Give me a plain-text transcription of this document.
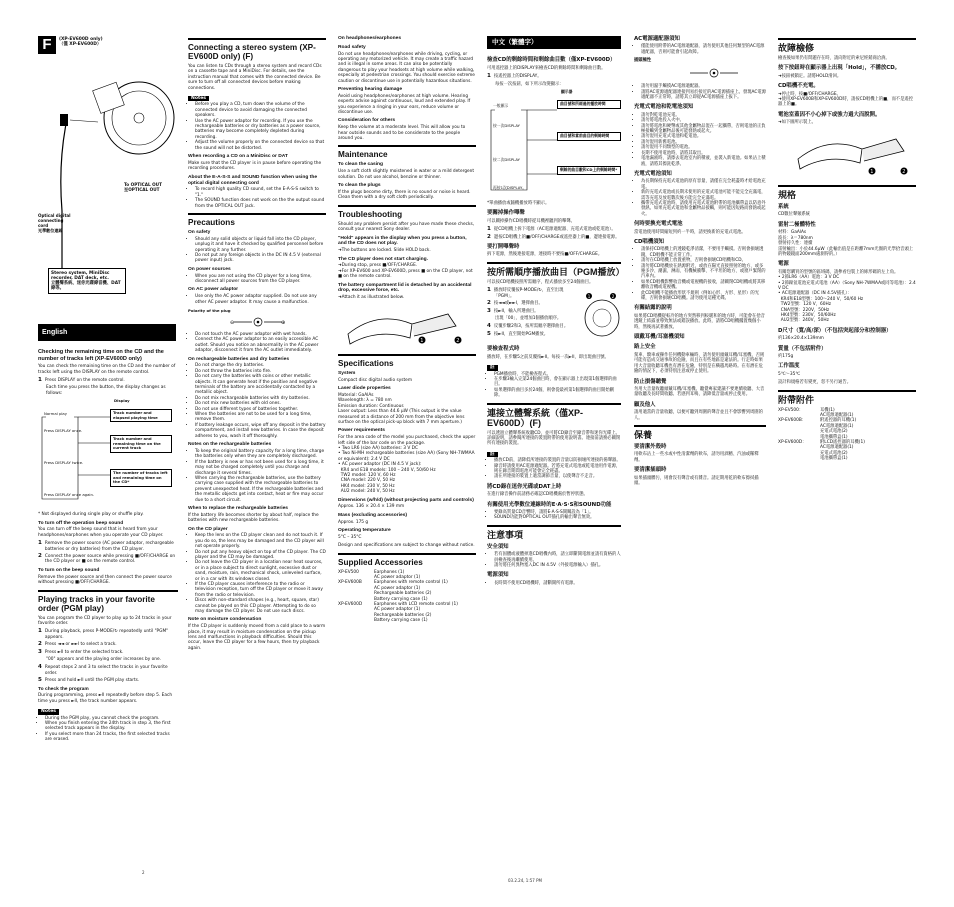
F	(XP-EV600D only)
（僅 XP-EV600D）
To OPTICAL OUT
至OPTICAL OUT
Optical digital connecting cord
光學數位連線
Stereo system, MiniDisc recorder, DAT deck, etc.
立體聲系統、迷你光碟錄音機、DAT錄等。
English
Checking the remaining time on the CD and the number of tracks left (XP-EV600D only)

You can check the remaining time on the CD and the number of tracks left using the DISPLAY on the remote control.

1 Press DISPLAY on the remote control.

Each time you press the button, the display changes as follows:

Display
Normal play	Track number and elapsed playing time
Press DISPLAY once.
Track number and remaining time on the current track
Press DISPLAY twice.
The number of tracks left and remaining time on the CD*
Press DISPLAY once again.

* Not displayed during single play or shuffle play.

To turn off the operation beep sound

You can turn off the beep sound that is heard from your headphones/earphones when you operate your CD player.

1 Remove the power source (AC power adaptor, rechargeable batteries or dry batteries) from the CD player.
2 Connect the power source while pressing ■/OFF/CHARGE on the CD player or ■ on the remote control.
To turn on the beep sound

Remove the power source and then connect the power source without pressing ■/OFF/CHARGE.

Playing tracks in your favorite order (PGM play)

You can program the CD player to play up to 24 tracks in your favorite order.

1 During playback, press P-MODE/↻ repeatedly until "PGM" appears.
2 Press ◄◄ or ►►I to select a track.
3 Press ►II to enter the selected track.

"00" appears and the playing order increases by one.

4 Repeat steps 2 and 3 to select the tracks in your favorite order.
5 Press and hold ►II until the PGM play starts.
To check the program

During programming, press ►II repeatedly before step 5. Each time you press ►II, the track number appears.

Notes
• During the PGM play, you cannot check the program.
• When you finish entering the 24th track in step 3, the first selected track appears in the display.
• If you select more than 24 tracks, the first selected tracks are erased.
Connecting a stereo system (XP-EV600D only) (F)

You can listen to CDs through a stereo system and record CDs on a cassette tape and a MiniDisc. For details, see the instruction manual that comes with the connected device. Be sure to turn off all connected devices before making connections.

Notes
• Before you play a CD, turn down the volume of the connected device to avoid damaging the connected speakers.
• Use the AC power adaptor for recording. If you use the rechargeable batteries or dry batteries as a power source, batteries may become completely depleted during recording.
• Adjust the volume properly on the connected device so that the sound will not be distorted.
When recording a CD on a MiniDisc or DAT

Make sure that the CD player is in pause before operating the recording procedures.

About the E-A-S-S and SOUND function when using the optical digital connecting cord
• To record high quality CD sound, set the E-A-S-S switch to "1."
• The SOUND function does not work on the the output sound from the OPTICAL OUT jack.
Precautions
On safety
• Should any solid objects or liquid fall into the CD player, unplug it and have it checked by qualified personnel before operating it any further.
• Do not put any foreign objects in the DC IN 4.5 V (external power input) jack.
On power sources
• When you are not using the CD player for a long time, disconnect all power sources from the CD player.
On AC power adaptor
• Use only the AC power adaptor supplied. Do not use any other AC power adaptor. It may cause a malfunction.
Polarity of the plug
⊖	⊕
• Do not touch the AC power adaptor with wet hands.
• Connect the AC power adaptor to an easily accessible AC outlet. Should you notice an abnormality in the AC power adaptor, disconnect it from the AC outlet immediately.
On rechargeable batteries and dry batteries
• Do not charge the dry batteries.
• Do not throw the batteries into fire.
• Do not carry the batteries with coins or other metallic objects. It can generate heat if the positive and negative terminals of the battery are accidentally contacted by a metallic object.
• Do not mix rechargeable batteries with dry batteries.
• Do not mix new batteries with old ones.
• Do not use different types of batteries together.
• When the batteries are not to be used for a long time, remove them.
• If battery leakage occurs, wipe off any deposit in the battery compartment, and install new batteries. In case the deposit adheres to you, wash it off thoroughly.
Notes on the rechargeable batteries
• To keep the original battery capacity for a long time, charge the batteries only when they are completely discharged.
• If the battery is new or has not been used for a long time, it may not be charged completely until you charge and discharge it several times.
• When carrying the rechargeable batteries, use the battery carrying case supplied with the rechargeable batteries to prevent unexpected heat. If the rechargeable batteries and the metallic objects get into contact, heat or fire may occur due to a short circuit.
When to replace the rechargeable batteries

If the battery life becomes shorter by about half, replace the batteries with new rechargeable batteries.

On the CD player
• Keep the lens on the CD player clean and do not touch it. If you do so, the lens may be damaged and the CD player will not operate properly.
• Do not put any heavy object on top of the CD player. The CD player and the CD may be damaged.
• Do not leave the CD player in a location near heat sources, or in a place subject to direct sunlight, excessive dust or sand, moisture, rain, mechanical shock, unleveled surface, or in a car with its windows closed.
• If the CD player causes interference to the radio or television reception, turn off the CD player or move it away from the radio or television.
• Discs with non-standard shapes (e.g., heart, square, star) cannot be played on this CD player. Attempting to do so may damage the CD player. Do not use such discs.
Note on moisture condensation

If the CD player is suddenly moved from a cold place to a warm place, it may result in moisture condensation on the pickup lens and malfunctions in playback difficulties. Should this occur, leave the CD player for a few hours, then try playback again.

On headphones/earphones
Road safety

Do not use headphones/earphones while driving, cycling, or operating any motorized vehicle. It may create a traffic hazard and is illegal in some areas. It can also be potentially dangerous to play your headsets at high volume while walking, especially at pedestrian crossings. You should exercise extreme caution or discontinue use in potentially hazardous situations.

Preventing hearing damage

Avoid using headphones/earphones at high volume. Hearing experts advise against continuous, loud and extended play. If you experience a ringing in your ears, reduce volume or discontinue use.

Consideration for others

Keep the volume at a moderate level. This will allow you to hear outside sounds and to be considerate to the people around you.

Maintenance
To clean the casing

Use a soft cloth slightly moistened in water or a mild detergent solution. Do not use alcohol, benzine or thinner.

To clean the plugs

If the plugs become dirty, there is no sound or noise is heard. Clean them with a dry soft cloth periodically.

Troubleshooting

Should any problem persist after you have made these checks, consult your nearest Sony dealer.

"Hold" appears in the display when you press a button, and the CD does not play.

➜The buttons are locked. Slide HOLD back.

The CD player does not start charging.

➜During stop, press ■/OFF/CHARGE.

➜For XP-EV600 and XP-EV600D, press ■ on the CD player, not ■ on the remote control.

The battery compartment lid is detached by an accidental drop, excessive force, etc.

➜Attach it as illustrated below.

1	2
Specifications
System

Compact disc digital audio system

Laser diode properties

Material: GaAlAs
Wavelength: λ = 780 nm
Emission duration: Continuous
Laser output: Less than 44.6 μW (This output is the value measured at a distance of 200 mm from the objective lens surface on the optical pick-up block with 7 mm aperture.)

Power requirements

For the area code of the model you purchased, check the upper left side of the bar code on the package.
• Two LR6 (size AA) batteries: 3 V DC
• Two Ni-MH rechargeable batteries (size AA) (Sony NH-7WMAA or equivalent): 2.4 V DC
• AC power adaptor (DC IN 4.5 V jack):
KR4 and E18 models: 100 – 240 V, 50/60 Hz
TW2 model: 120 V, 60 Hz
CNA model: 220 V, 50 Hz
HK4 model: 230 V, 50 Hz
AU2 model: 240 V, 50 Hz

Dimensions (w/h/d) (without projecting parts and controls)

Approx. 136 × 20.4 × 139 mm

Mass (excluding accessories)

Approx. 175 g

Operating temperature

5°C – 35°C

Design and specifications are subject to change without notice.

Supplied Accessories
XP-EV500	Earphones (1)
AC power adaptor (1)
XP-EV600B	Earphones with remote control (1)
AC power adaptor (1)
Rechargeable batteries (2)
Battery carrying case (1)
XP-EV600D	Earphones with LCD remote control (1)
AC power adaptor (1)
Rechargeable batteries (2)
Battery carrying case (1)
中文（繁體字）
檢查CD的剩餘時間和剩餘曲目數（僅XP-EV600D）

可用遙控器上的DISPLAY來檢查CD的剩餘時間和剩餘曲目數。

1 按遙控器上的DISPLAY。

每按一次按鈕，如下所示改變顯示：

顯示器
一般顯示	曲目號和所經過的播放時間
按一次DISPLAY
曲目號和當前曲目的剩餘時間
按二次DISPLAY
剩餘的曲目數和CD上的剩餘時間*
再按1次DISPLAY。

*單曲播放或隨機播放時不顯示。

要關掉操作嗶聲

可以關掉操作CD唱機時從耳機裡聽到的嗶聲。

1 從CD唱機上拆下電源（AC電源適配器、充電式電池或乾電池）。
2 邊按CD唱機上的■/OFF/CHARGE或遙控器上的■，邊連接電源。
要打開嗶聲時

拆下電源，然後連接電源，連接時不要按■/OFF/CHARGE。

按所需順序播放曲目（PGM播放）

可以按CD唱機按照所需順序，程式播放多至24個曲目。

1 播放時反覆按P-MODE/↻，直至出現「PGM」。
2 按◄◄或►►I，選擇曲目。
3 按►II，輸入所選曲目。

出現「00」，並增加1個播放順序。

4 反覆步驟2和3，按所需順序選擇曲目。
5 按►II，直至開始PGM播放。
1	2
要檢查程式時

播放時，在步驟5之前反覆按►II。每按一次►II，即出現曲目號。

註
• PGM播放時，不能檢查程式。
• 在步驟3輸入完第24個曲目時，會在顯示器上出現第1個選擇的曲目。
• 如果選擇的曲目多於24個，則會從最初第1個選擇的曲目開始刪除。
連接立體聲系統（僅XP-EV600D）(F)

可以透過立體聲系統收聽CD，並可將CD錄音至錄音帶和迷你光碟上。詳細說明，請參閱所連接的裝置附帶的使用說明書。連接前請務必關閉所有連接的裝置。

註
• 播放CD前，請降低所連接的裝置的音量以防損壞所連接的揚聲器。
• 錄音時請使用AC電源適配器。若將充電式電池或乾電池用作電源，則在錄音期間電池可能會完全耗盡。
• 請在所連接的裝置上適當調節音量，以使聲音不走音。
將CD錄在迷你光碟或DAT上時

在進行錄音操作前請務必確認CD唱機處於暫停狀態。

有關使用光學數位連線時的E·A·S·S和SOUND功能
• 要錄高質量CD音響時，請將E·A·S·S開關設為「1」。
• SOUND功能對OPTICAL OUT插孔的輸出聲音無效。
注意事項
安全須知
• 若有固體或液體掉進CD唱機內時，請立即斷開電源並請有資格的人員檢查後再繼續使用。
• 請勿將任何異物塞入DC IN 4.5V（外接電源輸入）插孔。
電源須知
• 長時間不使用CD唱機時，請斷開所有電源。
AC電源適配器須知
• 僅能使用附帶的AC電源適配器，請勿使用其他任何類型的AC電源適配器，否則可能會引起故障。
插頭極性
• 請勿用濕手觸摸AC電源適配器。
• 請將AC電源適配器連接到易於接近的AC電源插座上。發現AC電源適配器不正常時，請將其立即從AC電源插座上拔下。
充電式電池和乾電池須知
• 請勿對乾電池充電。
• 請勿將電池投入火中。
• 請勿將電池和硬幣或其他金屬物品混在一起攜帶，否則電池的正負極接觸到金屬物品後可能發熱或起火。
• 請勿混用充電式電池和乾電池。
• 請勿混用新舊電池。
• 請勿混用不同類型的電池。
• 長期不使用電池時，請將其取出。
• 電池漏液時，請擦去電池室內的積液，並裝入新電池。如果沾上積液，請將其擦洗乾淨。
充電式電池須知
• 為長期保持充電式電池的原有容量，請僅在完全耗盡時才給電池充電。
• 新的充電式電池或長期未使用的充電式電池可能不能完全充滿電，需等充電及放電數次後方能完全充滿電。
• 攜帶充電式電池時，請使用充電式電池附帶的電池攜帶盒以防意外發熱。如果充電式電池和金屬物品接觸，則可能因短路而發熱或起火。
何時要換充電式電池

當電池使用時間縮短到約一半時，請更換新的充電式電池。

CD唱機須知
• 請保持CD唱機上的透鏡乾淨清潔，不要用手觸摸。否則會損壞透鏡，CD唱機不能正常工作。
• 請勿在CD唱機上放置重物，否則會損壞CD唱機和CD。
• 請勿將CD唱機放在熱源附近，或放在陽光直接照射的地方、或多塵多沙、潮濕、淋雨、有機械衝擊、不平坦的地方、或窗戶緊閉的汽車內。
• 如果CD唱機影響收音機或電視機的接收，請關閉CD唱機或將其移離收音機或電視機。
• 此CD唱機不能播放形狀不規則（例如心形、方形、星形）的光碟，否則會損壞CD唱機。請勿使用這種光碟。
有關結露的說明

如果將CD唱機從較冷的地方突然移到較暖和的地方時，可能會在拾音透鏡上結露並導致無法或錯誤播放。此時，請將CD唱機擱置幾個小時，然後再試著播放。

頭戴耳機/耳塞機須知
路上安全

駕車、騎車或操作任何機動車輛時，請勿使用頭戴耳機/耳塞機，否則可能有造成交通事故的危險，而且在有些地區是違法的。行走時如果用大音量收聽耳機也有潛在危險，特別是在橫越馬路時。在有潛在危險的情況下，必須特別注意或停止使用。

防止損傷聽覺

勿用大音量收聽頭戴耳機/耳塞機。聽覺專家建議不要連續收聽、大音量收聽及長時間收聽。若感到耳鳴，請降低音量或停止使用。

顧及他人

請用適當的音量收聽，以便可聽到周圍的聲音並且不會影響到周圍的人。

保養
要清潔外殼時

用軟布沾上一些水或中性清潔劑的軟布，請勿用酒精、汽油或稀釋劑。

要清潔插頭時

如果插頭髒污，則會沒有聲音或有雜音。請定期用乾的軟布擦拭插頭。

故障檢修

檢查後如果仍有問題存在時，請向附近的索尼經銷商洽詢。

按下按鈕時在顯示器上出現「Hold」，不播放CD。

➜按鈕被鎖定。請將HOLD滑回。

CD唱機不充電。

➜停止時，按■/OFF/CHARGE。

➜使用XP-EV600B和XP-EV600D時，請按CD唱機上的■，而不是遙控器上的■。

電池室蓋因不小心掉下或強力過大而脫開。

➜如下圖所示裝上。

1	2
規格
系統

CD數位聲頻系統

雷射二極體特性

材料：GaAlAs
波長：λ＝780nm
發射持久性：連續
雷射輸出：小於44.6μW（此輸出值是在距離7mm光圈的光學拾音頭上的物鏡鏡面200mm處測得的。）

電源

有關您購買的型號的區域碼，請參看包裝上的條形碼的左上角。
• 2節LR6（AA）電池：3 V DC
• 2節鎳氫電池充電式電池（AA）（Sony NH-7WMAA或同等電池）：2.4 V DC
• AC電源適配器（DC IN 4.5V插孔）：
KR4和E18型號：100～240 V，50/60 Hz
TW2型號：120 V，60Hz
CNA型號：220V，50Hz
HK4型號：230V，50/60Hz
AU2型號：240V，50Hz

D尺寸（寬/高/深）（不包括突起部分和控制器）

約136×20.4×139mm

質量（不包括附件）

約175g

工作溫度

5℃～35℃

設計和規格若有變更，恕不另行通告。

附帶附件
XP-EV500：	耳機(1)
AC電源適配器(1)
XP-EV600B：	附遙控器的耳機(1)
AC電源適配器(1)
充電式電池(2)
電池攜帶盒(1)
XP-EV600D：	附LCD遙控器的耳機(1)
AC電源適配器(1)
充電式電池(2)
電池攜帶盒(1)
2
03.2.24, 1:57 PM
